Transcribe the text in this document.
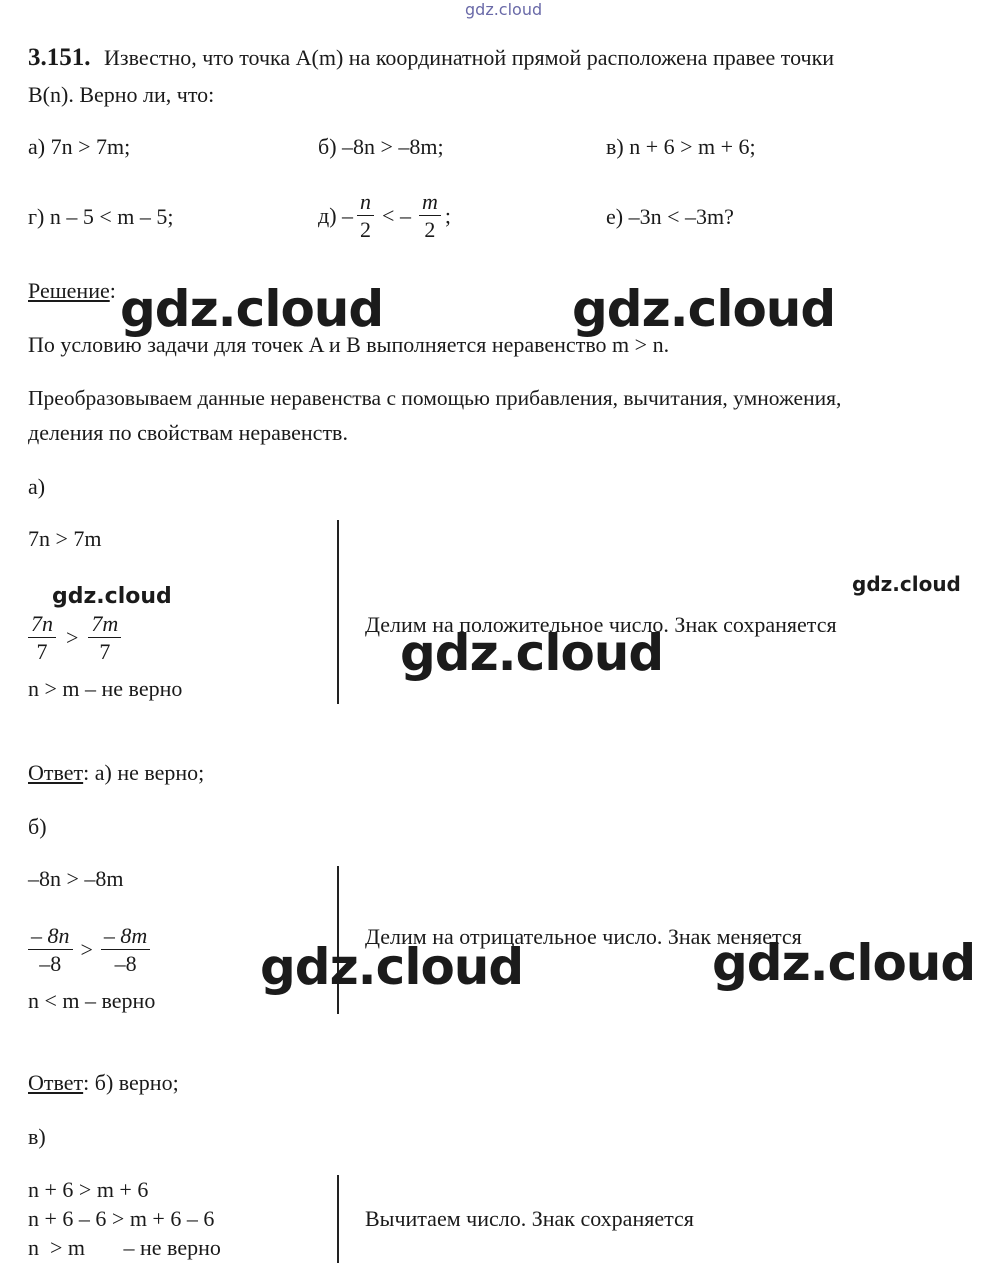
gdz.cloud
3.151. Известно, что точка A(m) на координатной прямой расположена правее точки
B(n). Верно ли, что:
а) 7n > 7m;	б) –8n > –8m;	в) n + 6 > m + 6;
г) n – 5 < m – 5;	$д) - \frac{n}{2}$ < – $\frac{m}{2}$ ;	е) –3n < –3m?
Решение:
По условию задачи для точек A и B выполняется неравенство m > n.
Преобразовываем данные неравенства с помощью прибавления, вычитания, умножения,
деления по свойствам неравенств.
а)
7n > 7m
$\frac{7n}{7} > \frac{7m}{7}$
n > m – не верно
Делим на положительное число. Знак сохраняется
Ответ: а) не верно;
б)
–8n > –8m
$\frac{- 8n}{-8} > \frac{- 8m}{-8}$
n < m – верно
Делим на отрицательное число. Знак меняется
Ответ: б) верно;
в)
n + 6 > m + 6
n + 6 – 6 > m + 6 – 6
n  > m       – не верно
Вычитаем число. Знак сохраняется
gdz.cloud	gdz.cloud
gdz.cloud	gdz.cloud
gdz.cloud
gdz.cloud	gdz.cloud
